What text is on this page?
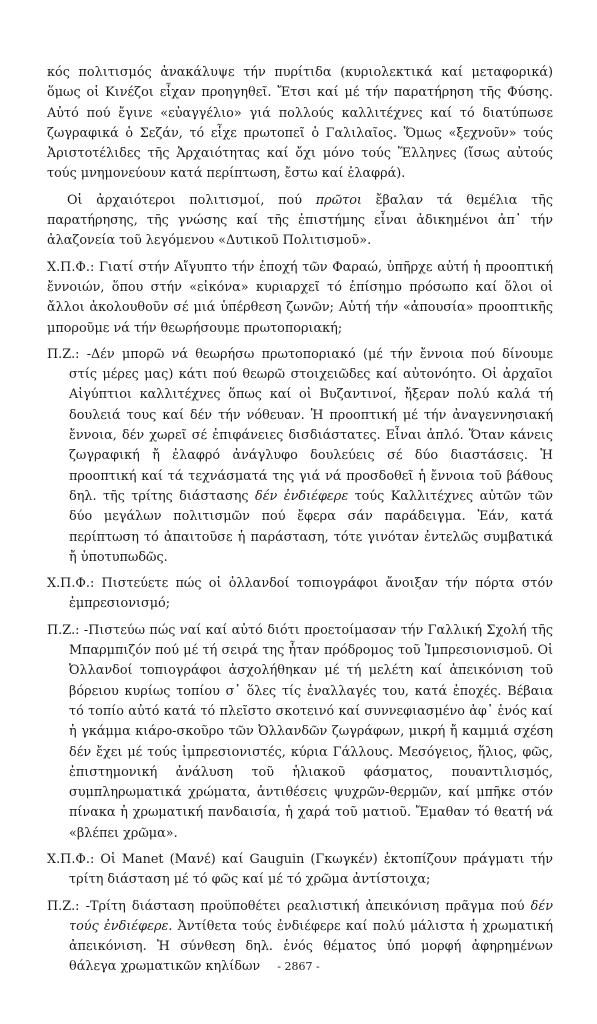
κός πολιτισμός ἀνακάλυψε τήν πυρίτιδα (κυριολεκτικά καί μεταφορικά) ὅμως οἱ Κινέζοι εἶχαν προηγηθεῖ. Ἔτσι καί μέ τήν παρατήρηση τῆς Φύσης. Αὐτό πού ἔγινε «εὐαγγέλιο» γιά πολλούς καλλιτέχνες καί τό διατύπωσε ζωγραφικά ὁ Σεζάν, τό εἶχε πρωτοπεῖ ὁ Γαλιλαῖος. Ὅμως «ξεχνοῦν» τούς Ἀριστοτέλιδες τῆς Ἀρχαιότητας καί ὄχι μόνο τούς Ἕλληνες (ἴσως αὐτούς τούς μνημονεύουν κατά περίπτωση, ἔστω καί ἐλαφρά).

Οἱ ἀρχαιότεροι πολιτισμοί, πού πρῶτοι ἔβαλαν τά θεμέλια τῆς παρατήρησης, τῆς γνώσης καί τῆς ἐπιστήμης εἶναι ἀδικημένοι ἀπ᾽ τήν ἀλαζονεία τοῦ λεγόμενου «Δυτικοῦ Πολιτισμοῦ».

Χ.Π.Φ.: Γιατί στήν Αἴγυπτο τήν ἐποχή τῶν Φαραώ, ὑπῆρχε αὐτή ἡ προοπτική ἔννοιών, ὅπου στήν «εἰκόνα» κυριαρχεῖ τό ἐπίσημο πρόσωπο καί ὅλοι οἱ ἄλλοι ἀκολουθοῦν σέ μιά ὑπέρθεση ζωνῶν; Αὐτή τήν «ἀπουσία» προοπτικῆς μποροῦμε νά τήν θεωρήσουμε πρωτοποριακή;

Π.Ζ.: -Δέν μπορῶ νά θεωρήσω πρωτοποριακό (μέ τήν ἔννοια πού δίνουμε στίς μέρες μας) κάτι πού θεωρῶ στοιχειῶδες καί αὐτονόητο. Οἱ ἀρχαῖοι Αἰγύπτιοι καλλιτέχνες ὅπως καί οἱ Βυζαντινοί, ἤξεραν πολύ καλά τή δουλειά τους καί δέν τήν νόθευαν. Ἡ προοπτική μέ τήν ἀναγεννησιακή ἔννοια, δέν χωρεῖ σέ ἐπιφάνειες δισδιάστατες. Εἶναι ἁπλό. Ὅταν κάνεις ζωγραφική ἤ ἐλαφρό ἀνάγλυφο δουλεύεις σέ δύο διαστάσεις. Ἡ προοπτική καί τά τεχνάσματά της γιά νά προσδοθεῖ ἡ ἔννοια τοῦ βάθους δηλ. τῆς τρίτης διάστασης δέν ἐνδιέφερε τούς Καλλιτέχνες αὐτῶν τῶν δύο μεγάλων πολιτισμῶν πού ἔφερα σάν παράδειγμα. Ἐάν, κατά περίπτωση τό ἀπαιτοῦσε ἡ παράσταση, τότε γινόταν ἐντελῶς συμβατικά ἤ ὑποτυπωδῶς.

Χ.Π.Φ.: Πιστεύετε πώς οἱ ὀλλανδοί τοπιογράφοι ἄνοιξαν τήν πόρτα στόν ἐμπρεσιονισμό;

Π.Ζ.: -Πιστεύω πώς ναί καί αὐτό διότι προετοίμασαν τήν Γαλλική Σχολή τῆς Μπαρμπιζόν πού μέ τή σειρά της ἦταν πρόδρομος τοῦ Ἰμπρεσιονισμοῦ. Οἱ Ὀλλανδοί τοπιογράφοι ἀσχολήθηκαν μέ τή μελέτη καί ἀπεικόνιση τοῦ βόρειου κυρίως τοπίου σ᾽ ὅλες τίς ἐναλλαγές του, κατά ἐποχές. Βέβαια τό τοπίο αὐτό κατά τό πλεῖστο σκοτεινό καί συννεφιασμένο ἀφ᾽ ἑνός καί ἡ γκάμμα κιάρο-σκοῦρο τῶν Ὀλλανδῶν ζωγράφων, μικρή ἤ καμμιά σχέση δέν ἔχει μέ τούς ἰμπρεσιονιστές, κύρια Γάλλους. Μεσόγειος, ἥλιος, φῶς, ἐπιστημονική ἀνάλυση τοῦ ἡλιακοῦ φάσματος, πουαντιλισμός, συμπληρωματικά χρώματα, ἀντιθέσεις ψυχρῶν-θερμῶν, καί μπῆκε στόν πίνακα ἡ χρωματική πανδαισία, ἡ χαρά τοῦ ματιοῦ. Ἔμαθαν τό θεατή νά «βλέπει χρῶμα».

Χ.Π.Φ.: Οἱ Manet (Μανέ) καί Gauguin (Γκωγκέν) ἐκτοπίζουν πράγματι τήν τρίτη διάσταση μέ τό φῶς καί μέ τό χρῶμα ἀντίστοιχα;

Π.Ζ.: -Τρίτη διάσταση προϋποθέτει ρεαλιστική ἀπεικόνιση πρᾶγμα πού δέν τούς ἐνδιέφερε. Ἀντίθετα τούς ἐνδιέφερε καί πολύ μάλιστα ἡ χρωματική ἀπεικόνιση. Ἡ σύνθεση δηλ. ἑνός θέματος ὑπό μορφή ἀφηρημένων θάλεγα χρωματικῶν κηλίδων	- 2867 -
